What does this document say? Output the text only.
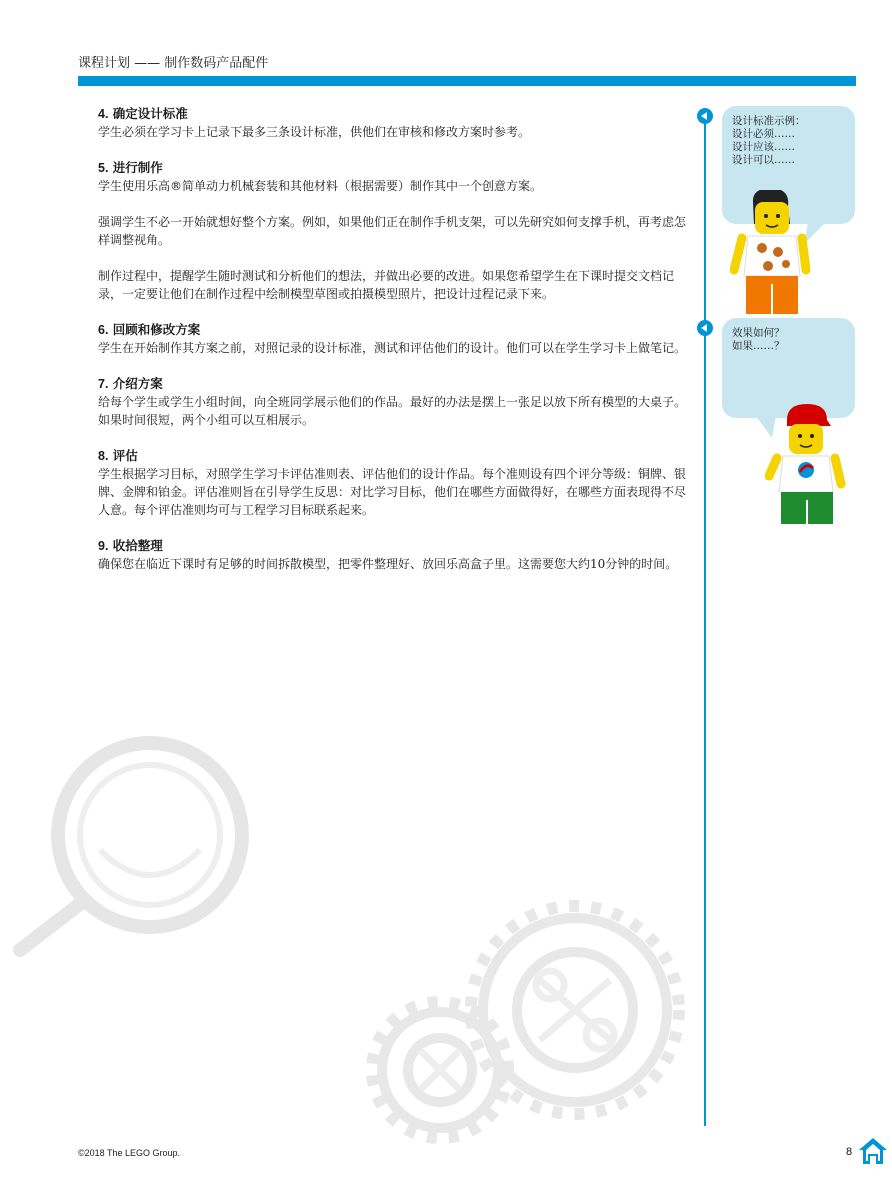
课程计划 —— 制作数码产品配件
4. 确定设计标准
学生必须在学习卡上记录下最多三条设计标准，供他们在审核和修改方案时参考。
5. 进行制作
学生使用乐高®简单动力机械套装和其他材料（根据需要）制作其中一个创意方案。
强调学生不必一开始就想好整个方案。例如，如果他们正在制作手机支架，可以先研究如何支撑手机，再考虑怎样调整视角。
制作过程中，提醒学生随时测试和分析他们的想法，并做出必要的改进。如果您希望学生在下课时提交文档记录，一定要让他们在制作过程中绘制模型草图或拍摄模型照片，把设计过程记录下来。
6. 回顾和修改方案
学生在开始制作其方案之前，对照记录的设计标准，测试和评估他们的设计。他们可以在学生学习卡上做笔记。
7. 介绍方案
给每个学生或学生小组时间，向全班同学展示他们的作品。最好的办法是摆上一张足以放下所有模型的大桌子。如果时间很短，两个小组可以互相展示。
8. 评估
学生根据学习目标，对照学生学习卡评估准则表、评估他们的设计作品。每个准则设有四个评分等级：铜牌、银牌、金牌和铂金。评估准则旨在引导学生反思：对比学习目标，他们在哪些方面做得好，在哪些方面表现得不尽人意。每个评估准则均可与工程学习目标联系起来。
9. 收拾整理
确保您在临近下课时有足够的时间拆散模型，把零件整理好、放回乐高盒子里。这需要您大约10分钟的时间。
设计标准示例：
设计必须……
设计应该……
设计可以……
效果如何？
如果……？
©2018 The LEGO Group.	8
